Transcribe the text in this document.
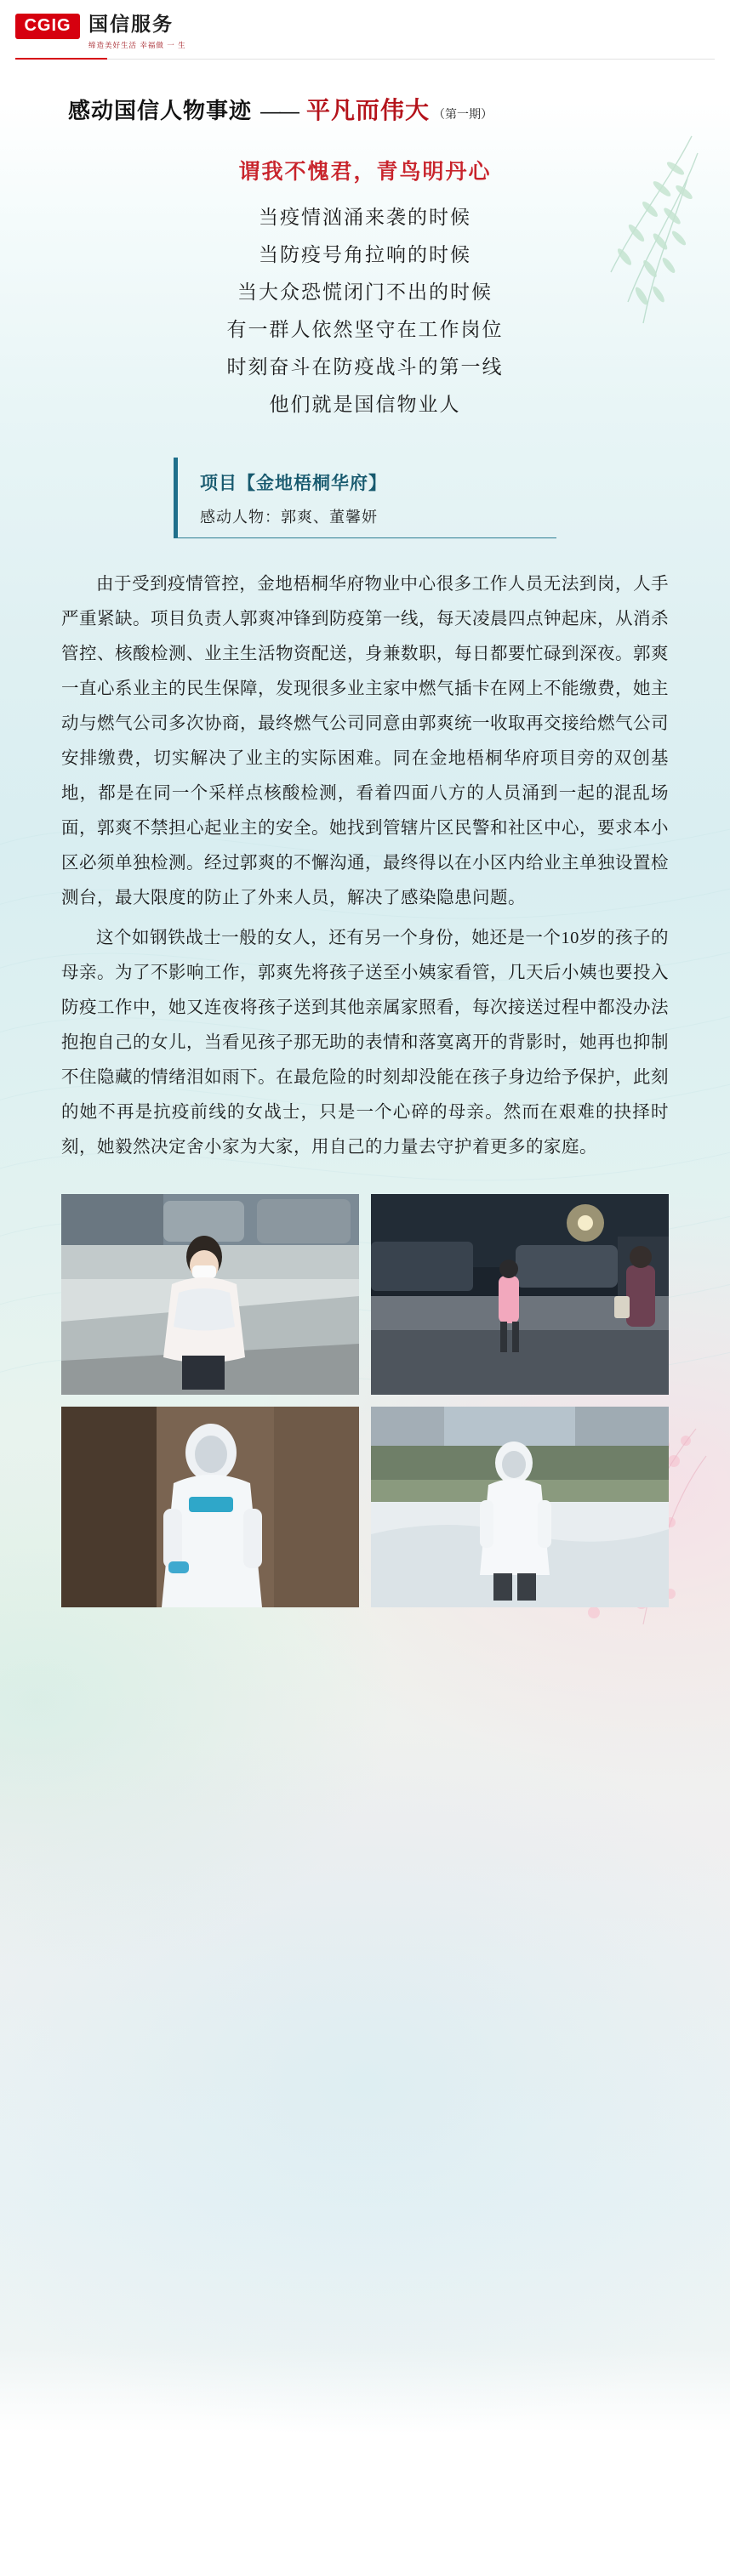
CGIG 国信服务
缔造美好生活 幸福做 一 生
感动国信人物事迹 —— 平凡而伟大 （第一期）
谓我不愧君，青鸟明丹心
当疫情汹涌来袭的时候
当防疫号角拉响的时候
当大众恐慌闭门不出的时候
有一群人依然坚守在工作岗位
时刻奋斗在防疫战斗的第一线
他们就是国信物业人
项目【金地梧桐华府】
感动人物：郭爽、董馨妍

由于受到疫情管控，金地梧桐华府物业中心很多工作人员无法到岗，人手严重紧缺。项目负责人郭爽冲锋到防疫第一线，每天凌晨四点钟起床，从消杀管控、核酸检测、业主生活物资配送，身兼数职，每日都要忙碌到深夜。郭爽一直心系业主的民生保障，发现很多业主家中燃气插卡在网上不能缴费，她主动与燃气公司多次协商，最终燃气公司同意由郭爽统一收取再交接给燃气公司安排缴费，切实解决了业主的实际困难。同在金地梧桐华府项目旁的双创基地，都是在同一个采样点核酸检测，看着四面八方的人员涌到一起的混乱场面，郭爽不禁担心起业主的安全。她找到管辖片区民警和社区中心，要求本小区必须单独检测。经过郭爽的不懈沟通，最终得以在小区内给业主单独设置检测台，最大限度的防止了外来人员，解决了感染隐患问题。

这个如钢铁战士一般的女人，还有另一个身份，她还是一个10岁的孩子的母亲。为了不影响工作，郭爽先将孩子送至小姨家看管，几天后小姨也要投入防疫工作中，她又连夜将孩子送到其他亲属家照看，每次接送过程中都没办法抱抱自己的女儿，当看见孩子那无助的表情和落寞离开的背影时，她再也抑制不住隐藏的情绪泪如雨下。在最危险的时刻却没能在孩子身边给予保护，此刻的她不再是抗疫前线的女战士，只是一个心碎的母亲。然而在艰难的抉择时刻，她毅然决定舍小家为大家，用自己的力量去守护着更多的家庭。
